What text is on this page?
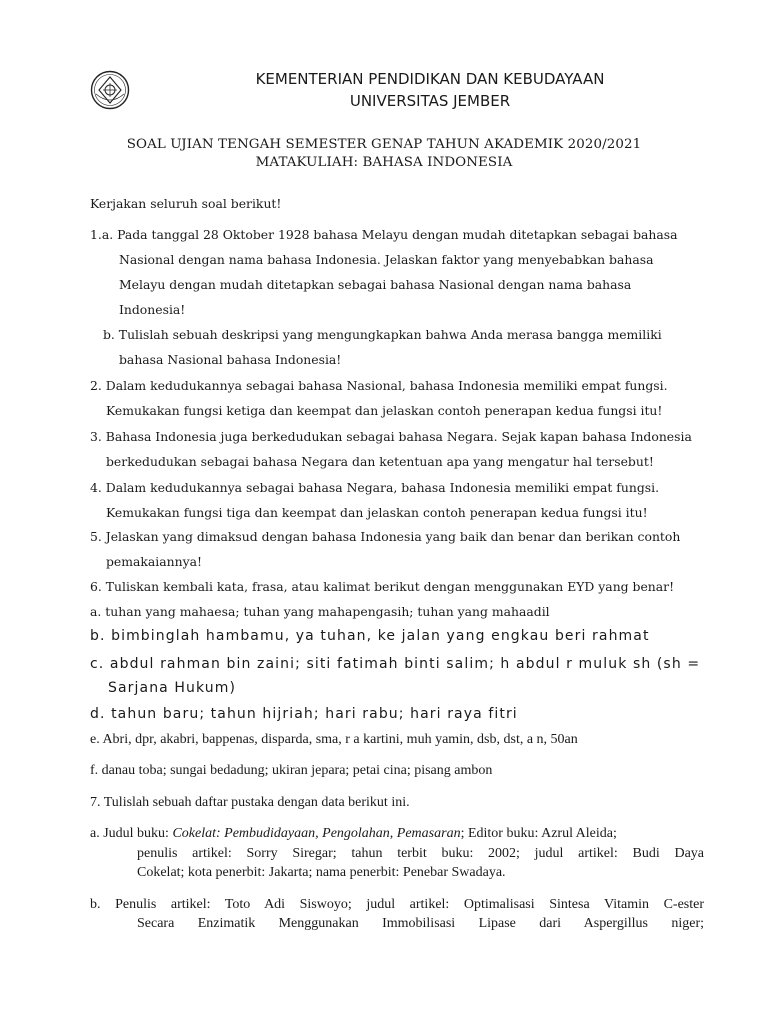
KEMENTERIAN PENDIDIKAN DAN KEBUDAYAAN
UNIVERSITAS JEMBER
SOAL UJIAN TENGAH SEMESTER GENAP TAHUN AKADEMIK 2020/2021
MATAKULIAH: BAHASA INDONESIA
Kerjakan seluruh soal berikut!
1.a. Pada tanggal 28 Oktober 1928 bahasa Melayu dengan mudah ditetapkan sebagai bahasa
Nasional dengan nama bahasa Indonesia. Jelaskan faktor yang menyebabkan bahasa
Melayu dengan mudah ditetapkan sebagai bahasa Nasional dengan nama bahasa
Indonesia!
b. Tulislah sebuah deskripsi yang mengungkapkan bahwa Anda merasa bangga memiliki
bahasa Nasional bahasa Indonesia!
2. Dalam kedudukannya sebagai bahasa Nasional, bahasa Indonesia memiliki empat fungsi.
Kemukakan fungsi ketiga dan keempat dan jelaskan contoh penerapan kedua fungsi itu!
3. Bahasa Indonesia juga berkedudukan sebagai bahasa Negara. Sejak kapan bahasa Indonesia
berkedudukan sebagai bahasa Negara dan ketentuan apa yang mengatur hal tersebut!
4. Dalam kedudukannya sebagai bahasa Negara, bahasa Indonesia memiliki empat fungsi.
Kemukakan fungsi tiga dan keempat dan jelaskan contoh penerapan kedua fungsi itu!
5. Jelaskan yang dimaksud dengan bahasa Indonesia yang baik dan benar dan berikan contoh
pemakaiannya!
6. Tuliskan kembali kata, frasa, atau kalimat berikut dengan menggunakan EYD yang benar!
a. tuhan yang mahaesa; tuhan yang mahapengasih; tuhan yang mahaadil
b. bimbinglah hambamu, ya tuhan, ke jalan yang engkau beri rahmat
c. abdul rahman bin zaini; siti fatimah binti salim; h abdul r muluk sh (sh =
Sarjana Hukum)
d. tahun baru; tahun hijriah; hari rabu; hari raya fitri
e. Abri, dpr, akabri, bappenas, disparda, sma, r a kartini, muh yamin, dsb, dst, a n, 50an
f. danau toba; sungai bedadung; ukiran jepara; petai cina; pisang ambon
7. Tulislah sebuah daftar pustaka dengan data berikut ini.
a. Judul buku: Cokelat: Pembudidayaan, Pengolahan, Pemasaran; Editor buku: Azrul Aleida;
penulis artikel: Sorry Siregar; tahun terbit buku: 2002; judul artikel: Budi Daya
Cokelat; kota penerbit: Jakarta; nama penerbit: Penebar Swadaya.
b. Penulis artikel: Toto Adi Siswoyo; judul artikel: Optimalisasi Sintesa Vitamin C-ester
Secara Enzimatik Menggunakan Immobilisasi Lipase dari Aspergillus niger;
